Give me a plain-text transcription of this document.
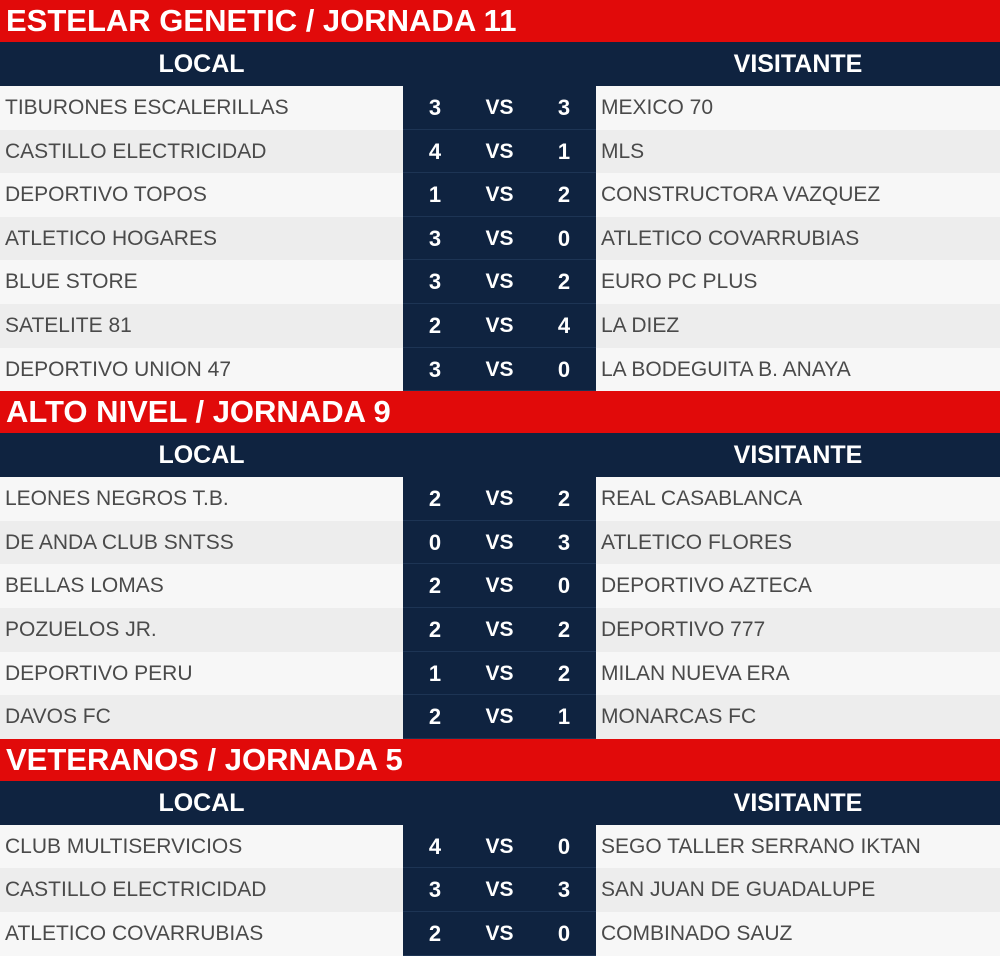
ESTELAR GENETIC / JORNADA 11
LOCAL	VISITANTE
TIBURONES ESCALERILLAS	3	VS	3	MEXICO 70
CASTILLO ELECTRICIDAD	4	VS	1	MLS
DEPORTIVO TOPOS	1	VS	2	CONSTRUCTORA VAZQUEZ
ATLETICO HOGARES	3	VS	0	ATLETICO COVARRUBIAS
BLUE STORE	3	VS	2	EURO PC PLUS
SATELITE 81	2	VS	4	LA DIEZ
DEPORTIVO UNION 47	3	VS	0	LA BODEGUITA B. ANAYA
ALTO NIVEL / JORNADA 9
LOCAL	VISITANTE
LEONES NEGROS T.B.	2	VS	2	REAL CASABLANCA
DE ANDA CLUB SNTSS	0	VS	3	ATLETICO FLORES
BELLAS LOMAS	2	VS	0	DEPORTIVO AZTECA
POZUELOS JR.	2	VS	2	DEPORTIVO 777
DEPORTIVO PERU	1	VS	2	MILAN NUEVA ERA
DAVOS FC	2	VS	1	MONARCAS FC
VETERANOS / JORNADA 5
LOCAL	VISITANTE
CLUB MULTISERVICIOS	4	VS	0	SEGO TALLER SERRANO IKTAN
CASTILLO ELECTRICIDAD	3	VS	3	SAN JUAN DE GUADALUPE
ATLETICO COVARRUBIAS	2	VS	0	COMBINADO SAUZ
